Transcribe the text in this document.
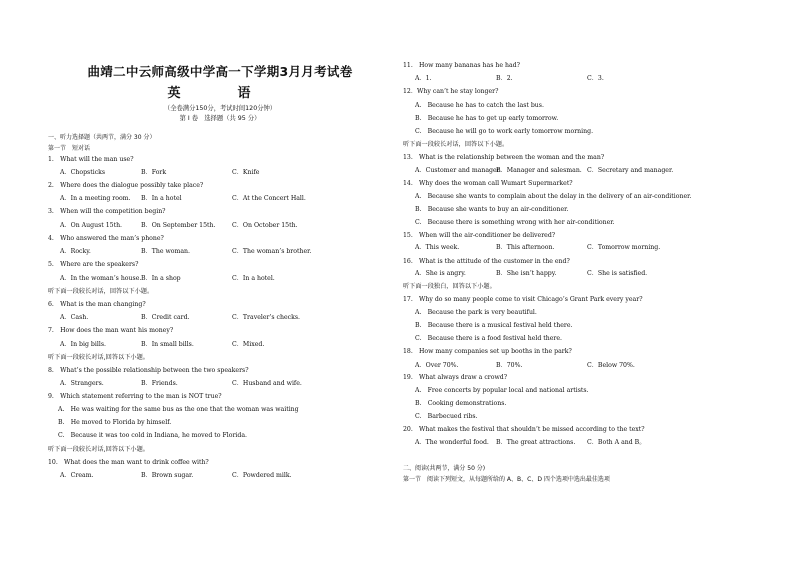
曲靖二中云师高级中学高一下学期3月月考试卷
英　语
（全卷满分150分，考试时间120分钟）
第 I 卷　选择题（共 95 分）
一、听力选择题（共两节，满分 30 分）
第一节　短对话
1.　What will the man use?
A．Chopsticks	B．Fork	C．Knife
2.　Where does the dialogue possibly take place?
A．In a meeting room. B．In a hotel	C．At the Concert Hall.
3.　When will the competition begin?
A．On August 15th.	B．On September 15th.	C．On October 15th.
4.　Who answered the man’s phone?
A．Rocky.	B．The woman.	C．The woman’s brother.
5.　Where are the speakers?
A．In the woman’s house. B．In a shop	C．In a hotel.
听下面一段较长对话，回答以下小题。
6.　What is the man changing?
A．Cash.	B．Credit card.	C．Traveler’s checks.
7.　How does the man want his money?
A．In big bills.	B．In small bills.	C．Mixed.
听下面一段较长对话,回答以下小题。
8.　What’s the possible relationship between the two speakers?
A．Strangers.	B．Friends.	C．Husband and wife.
9.　Which statement referring to the man is NOT true?
A.　He was waiting for the same bus as the one that the woman was waiting
B.　He moved to Florida by himself.
C.　Because it was too cold in Indiana, he moved to Florida.
听下面一段较长对话,回答以下小题。
10.　What does the man want to drink coffee with?
A．Cream.	B．Brown sugar.	C．Powdered milk.
11.　How many bananas has he had?
A．1.	B．2.	C．3.
12．Why can’t he stay longer?
A.　Because he has to catch the last bus.
B.　Because he has to get up early tomorrow.
C.　Because he will go to work early tomorrow morning.
听下面一段较长对话，回答以下小题。
13.　What is the relationship between the woman and the man?
A．Customer and manager.
B．Manager and salesman. C．Secretary and manager.
14.　Why does the woman call Wumart Supermarket?
A.　Because she wants to complain about the delay in the delivery of an air-conditioner.
B.　Because she wants to buy an air-conditioner.
C.　Because there is something wrong with her air-conditioner.
15.　When will the air-conditioner be delivered?
A．This week.	B．This afternoon.	C．Tomorrow morning.
16.　What is the attitude of the customer in the end?
A．She is angry.	B．She isn’t happy.	C．She is satisfied.
听下面一段独白，回答以下小题。
17.　Why do so many people come to visit Chicago’s Grant Park every year?
A.　Because the park is very beautiful.
B.　Because there is a musical festival held there.
C.　Because there is a food festival held there.
18.　How many companies set up booths in the park?
A．Over 70%.	B．70%.	C．Below 70%.
19.　What always draw a crowd?
A.　Free concerts by popular local and national artists.
B.　Cooking demonstrations.
C.　Barbecued ribs.
20.　What makes the festival that shouldn’t be missed according to the text?
A．The wonderful food. B．The great attractions. C．Both A and B。
二、阅读(共两节，满分 50 分)
第一节　阅读下列短文，从每题所给的 A、B、C、D 四个选项中选出最佳选项
